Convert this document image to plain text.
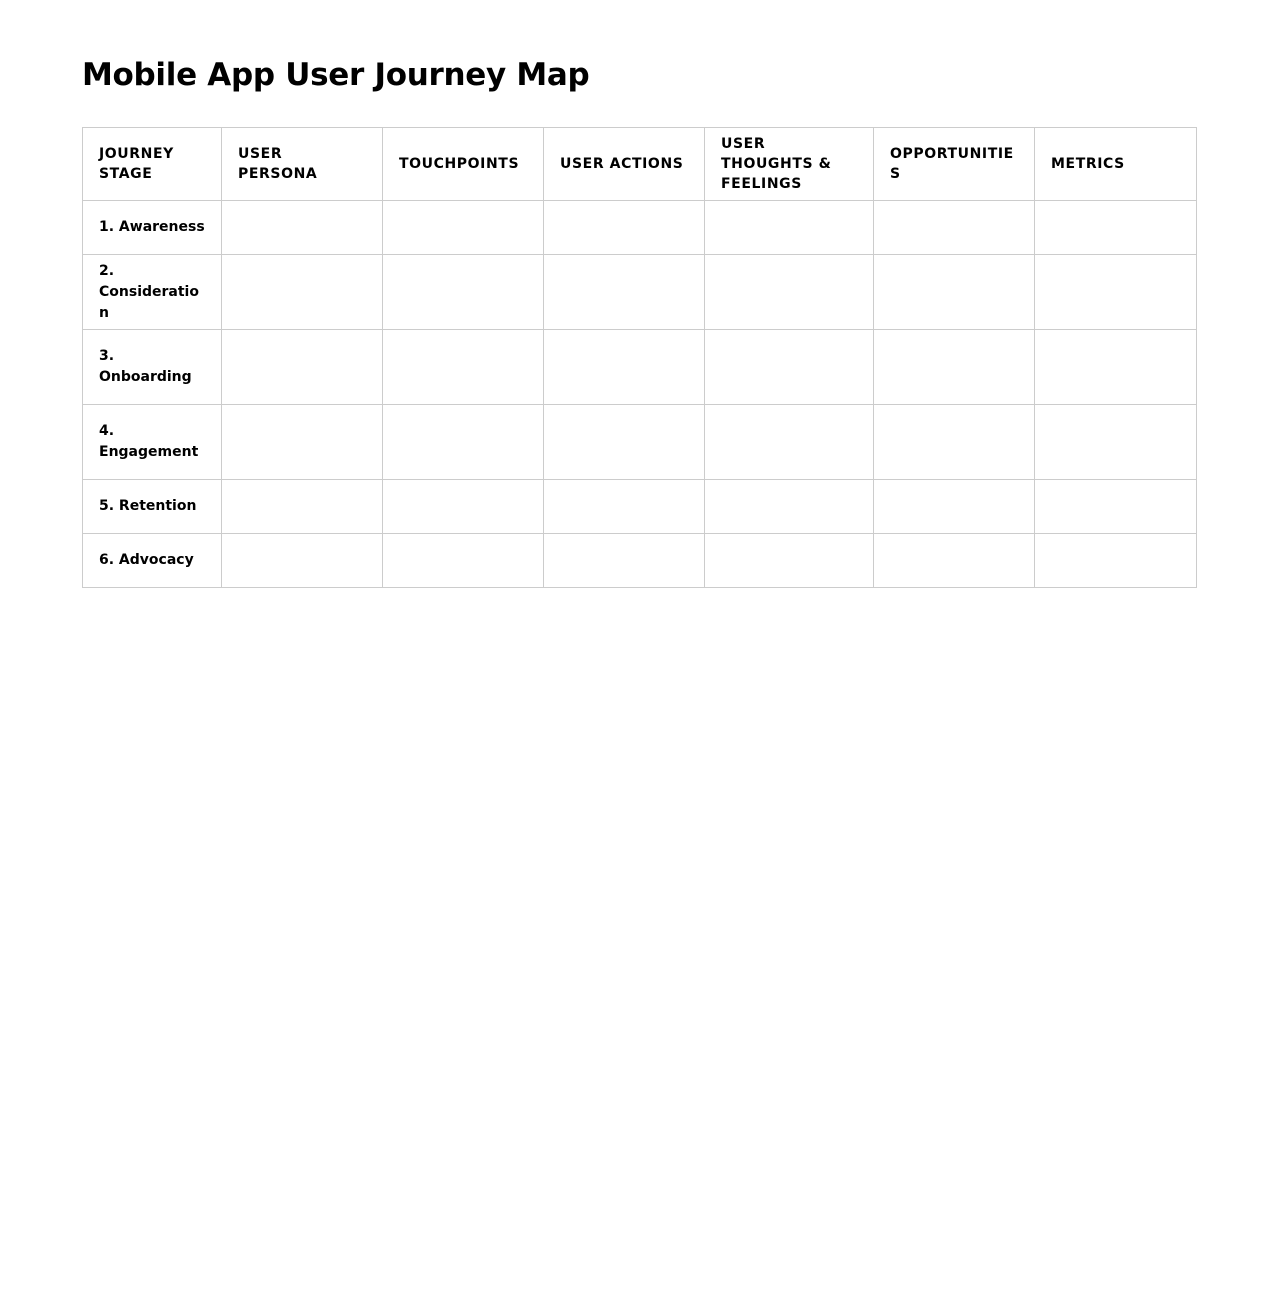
Mobile App User Journey Map
JOURNEY STAGE	USER PERSONA	TOUCHPOINTS	USER ACTIONS	USER THOUGHTS & FEELINGS	OPPORTUNITIES	METRICS
1. Awareness						
2. Consideration						
3. Onboarding						
4. Engagement						
5. Retention						
6. Advocacy						
